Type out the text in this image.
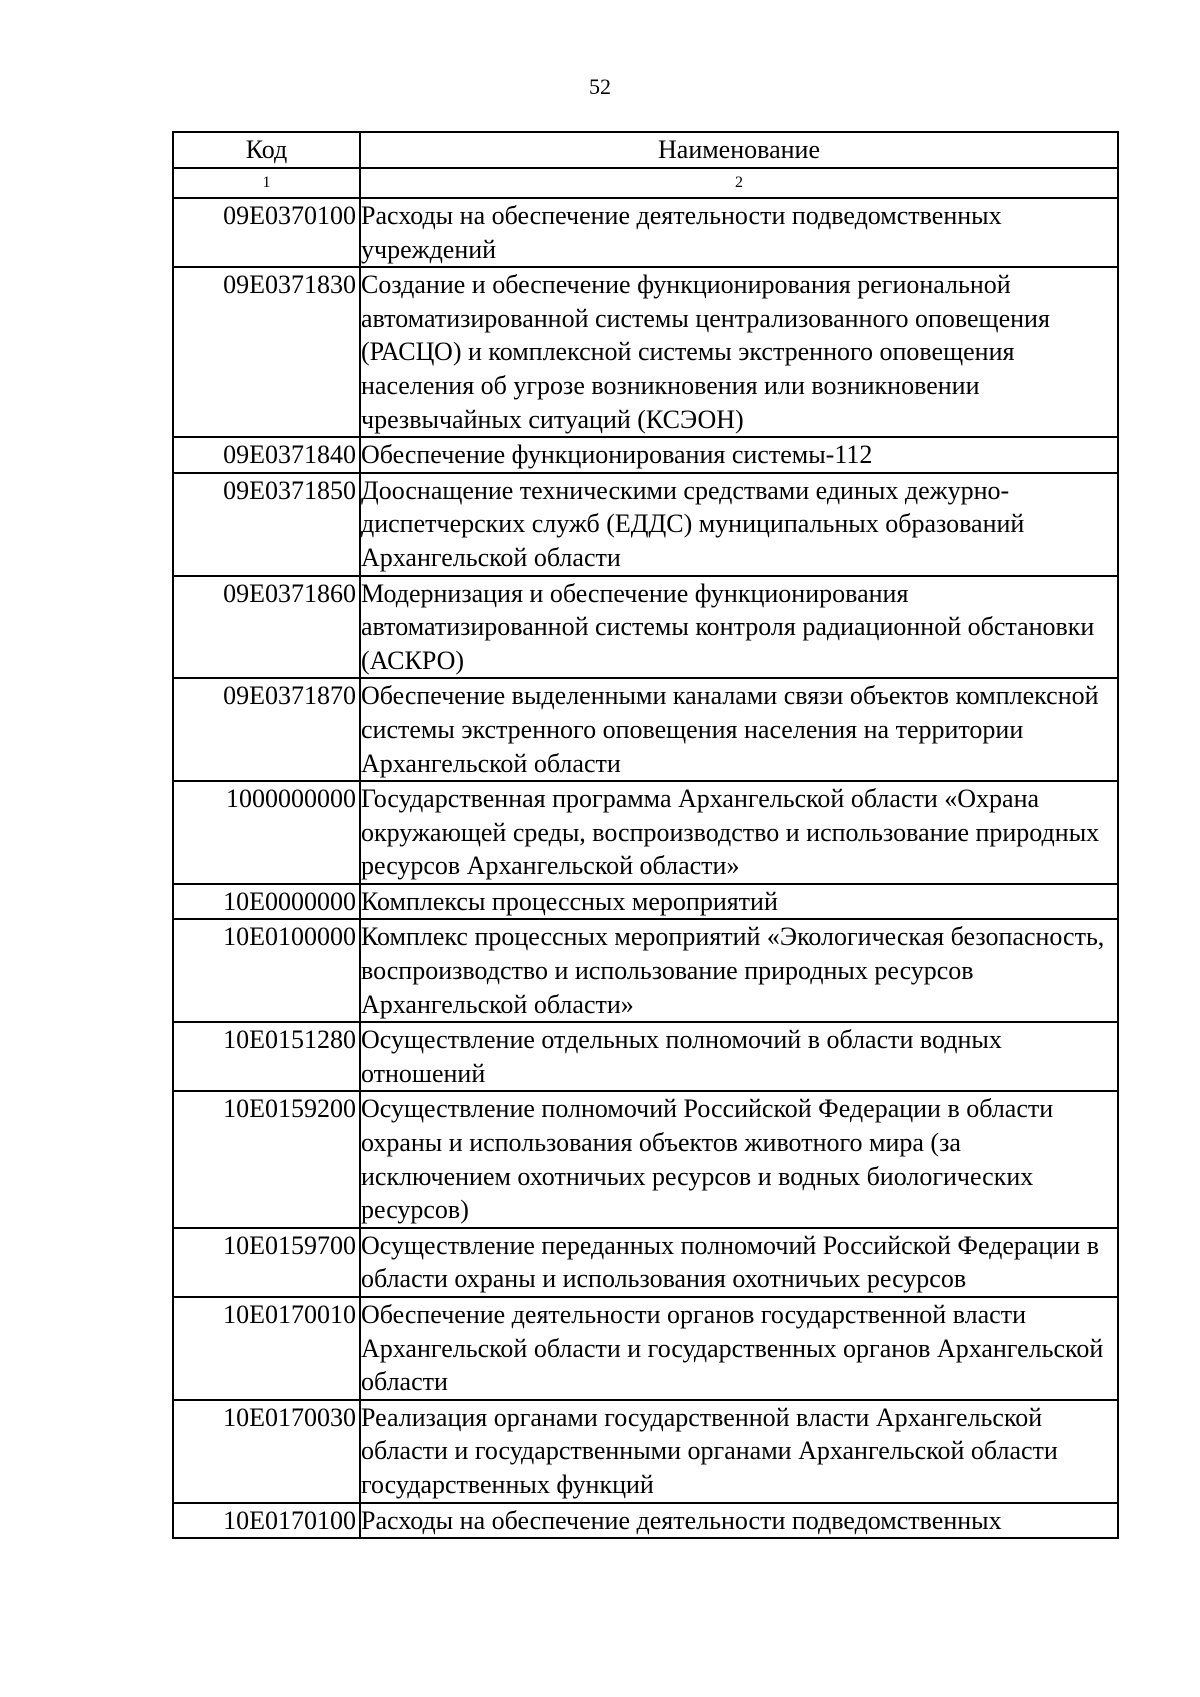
52
Код	Наименование
1	2
09Е0370100	Расходы на обеспечение деятельности подведомственных учреждений
09Е0371830	Создание и обеспечение функционирования региональной автоматизированной системы централизованного оповещения (РАСЦО) и комплексной системы экстренного оповещения населения об угрозе возникновения или возникновении чрезвычайных ситуаций (КСЭОН)
09Е0371840	Обеспечение функционирования системы-112
09Е0371850	Дооснащение техническими средствами единых дежурно-диспетчерских служб (ЕДДС) муниципальных образований Архангельской области
09Е0371860	Модернизация и обеспечение функционирования автоматизированной системы контроля радиационной обстановки (АСКРО)
09Е0371870	Обеспечение выделенными каналами связи объектов комплексной системы экстренного оповещения населения на территории Архангельской области
1000000000	Государственная программа Архангельской области «Охрана окружающей среды, воспроизводство и использование природных ресурсов Архангельской области»
10Е0000000	Комплексы процессных мероприятий
10Е0100000	Комплекс процессных мероприятий «Экологическая безопасность, воспроизводство и использование природных ресурсов Архангельской области»
10Е0151280	Осуществление отдельных полномочий в области водных отношений
10Е0159200	Осуществление полномочий Российской Федерации в области охраны и использования объектов животного мира (за исключением охотничьих ресурсов и водных биологических ресурсов)
10Е0159700	Осуществление переданных полномочий Российской Федерации в области охраны и использования охотничьих ресурсов
10Е0170010	Обеспечение деятельности органов государственной власти Архангельской области и государственных органов Архангельской области
10Е0170030	Реализация органами государственной власти Архангельской области и государственными органами Архангельской области государственных функций
10Е0170100	Расходы на обеспечение деятельности подведомственных
